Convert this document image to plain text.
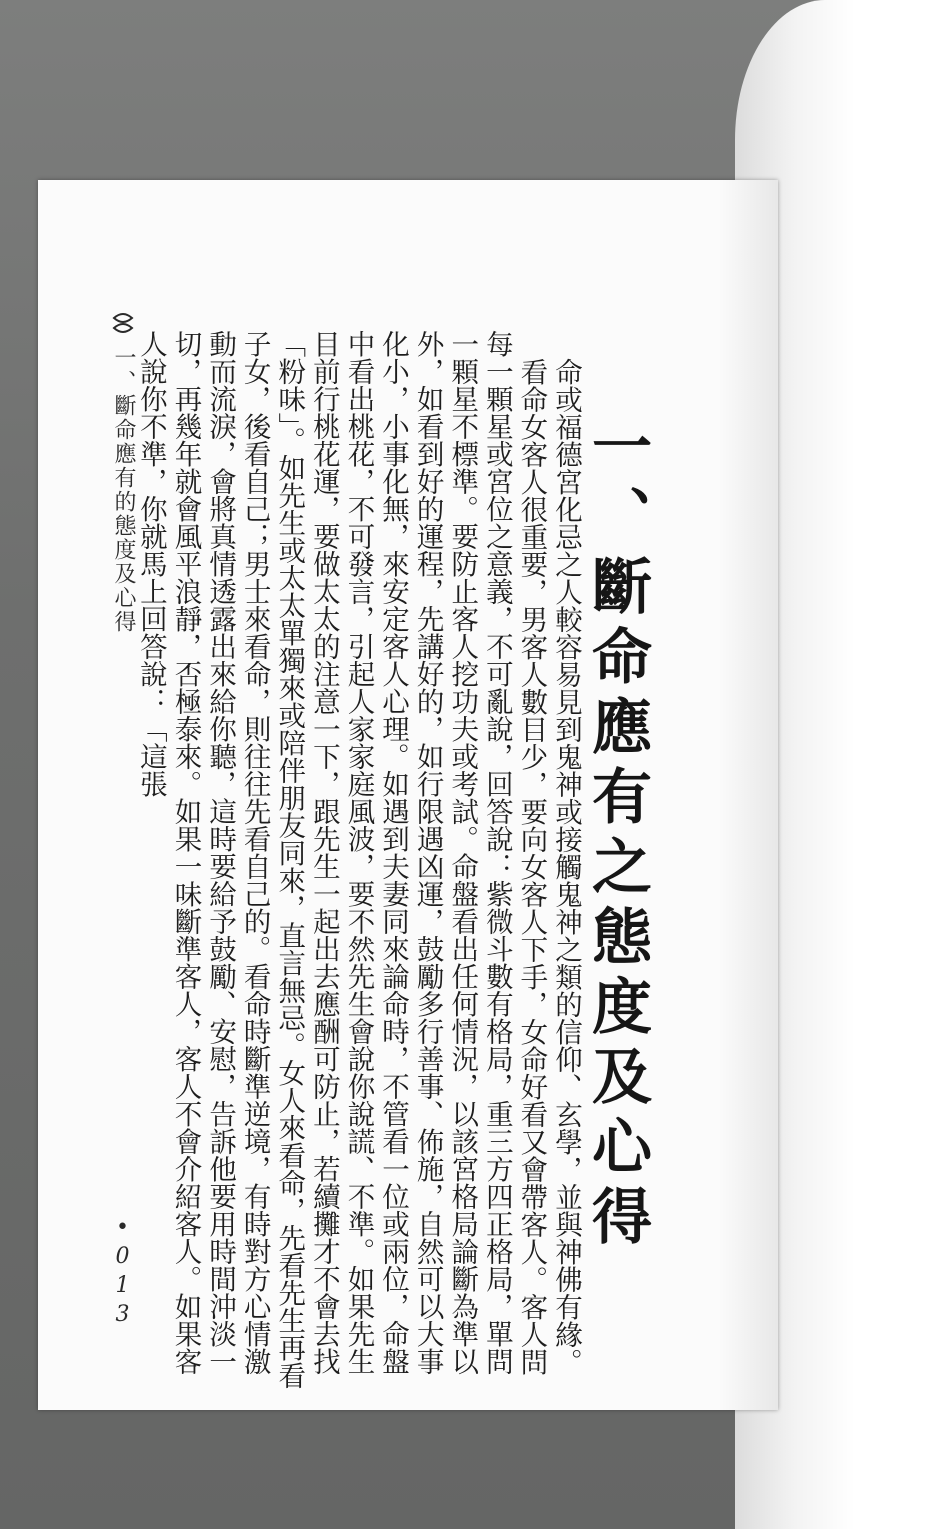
一、斷命應有的態度及心得	一、斷命應有之態度及心得

命或福德宮化忌之人較容易見到鬼神或接觸鬼神之類的信仰、玄學，並與神佛有緣。

看命女客人很重要，男客人數目少，要向女客人下手，女命好看又會帶客人。客人問每一顆星或宮位之意義，不可亂說，回答說：紫微斗數有格局，重三方四正格局，單問一顆星不標準。要防止客人挖功夫或考試。命盤看出任何情況，以該宮格局論斷為準以外，如看到好的運程，先講好的，如行限遇凶運，鼓勵多行善事、佈施，自然可以大事化小，小事化無，來安定客人心理。如遇到夫妻同來論命時，不管看一位或兩位，命盤中看出桃花，不可發言，引起人家家庭風波，要不然先生會說你說謊、不準。如果先生目前行桃花運，要做太太的注意一下，跟先生一起出去應酬可防止，若續攤才不會去找「粉味」。如先生或太太單獨來或陪伴朋友同來，直言無忌。女人來看命，先看先生再看子女，後看自己；男士來看命，則往往先看自己的。看命時斷準逆境，有時對方心情激動而流淚，會將真情透露出來給你聽，這時要給予鼓勵、安慰，告訴他要用時間沖淡一切，再幾年就會風平浪靜，否極泰來。如果一味斷準客人，客人不會介紹客人。如果客人說你不準，你就馬上回答說：「這張

•013
